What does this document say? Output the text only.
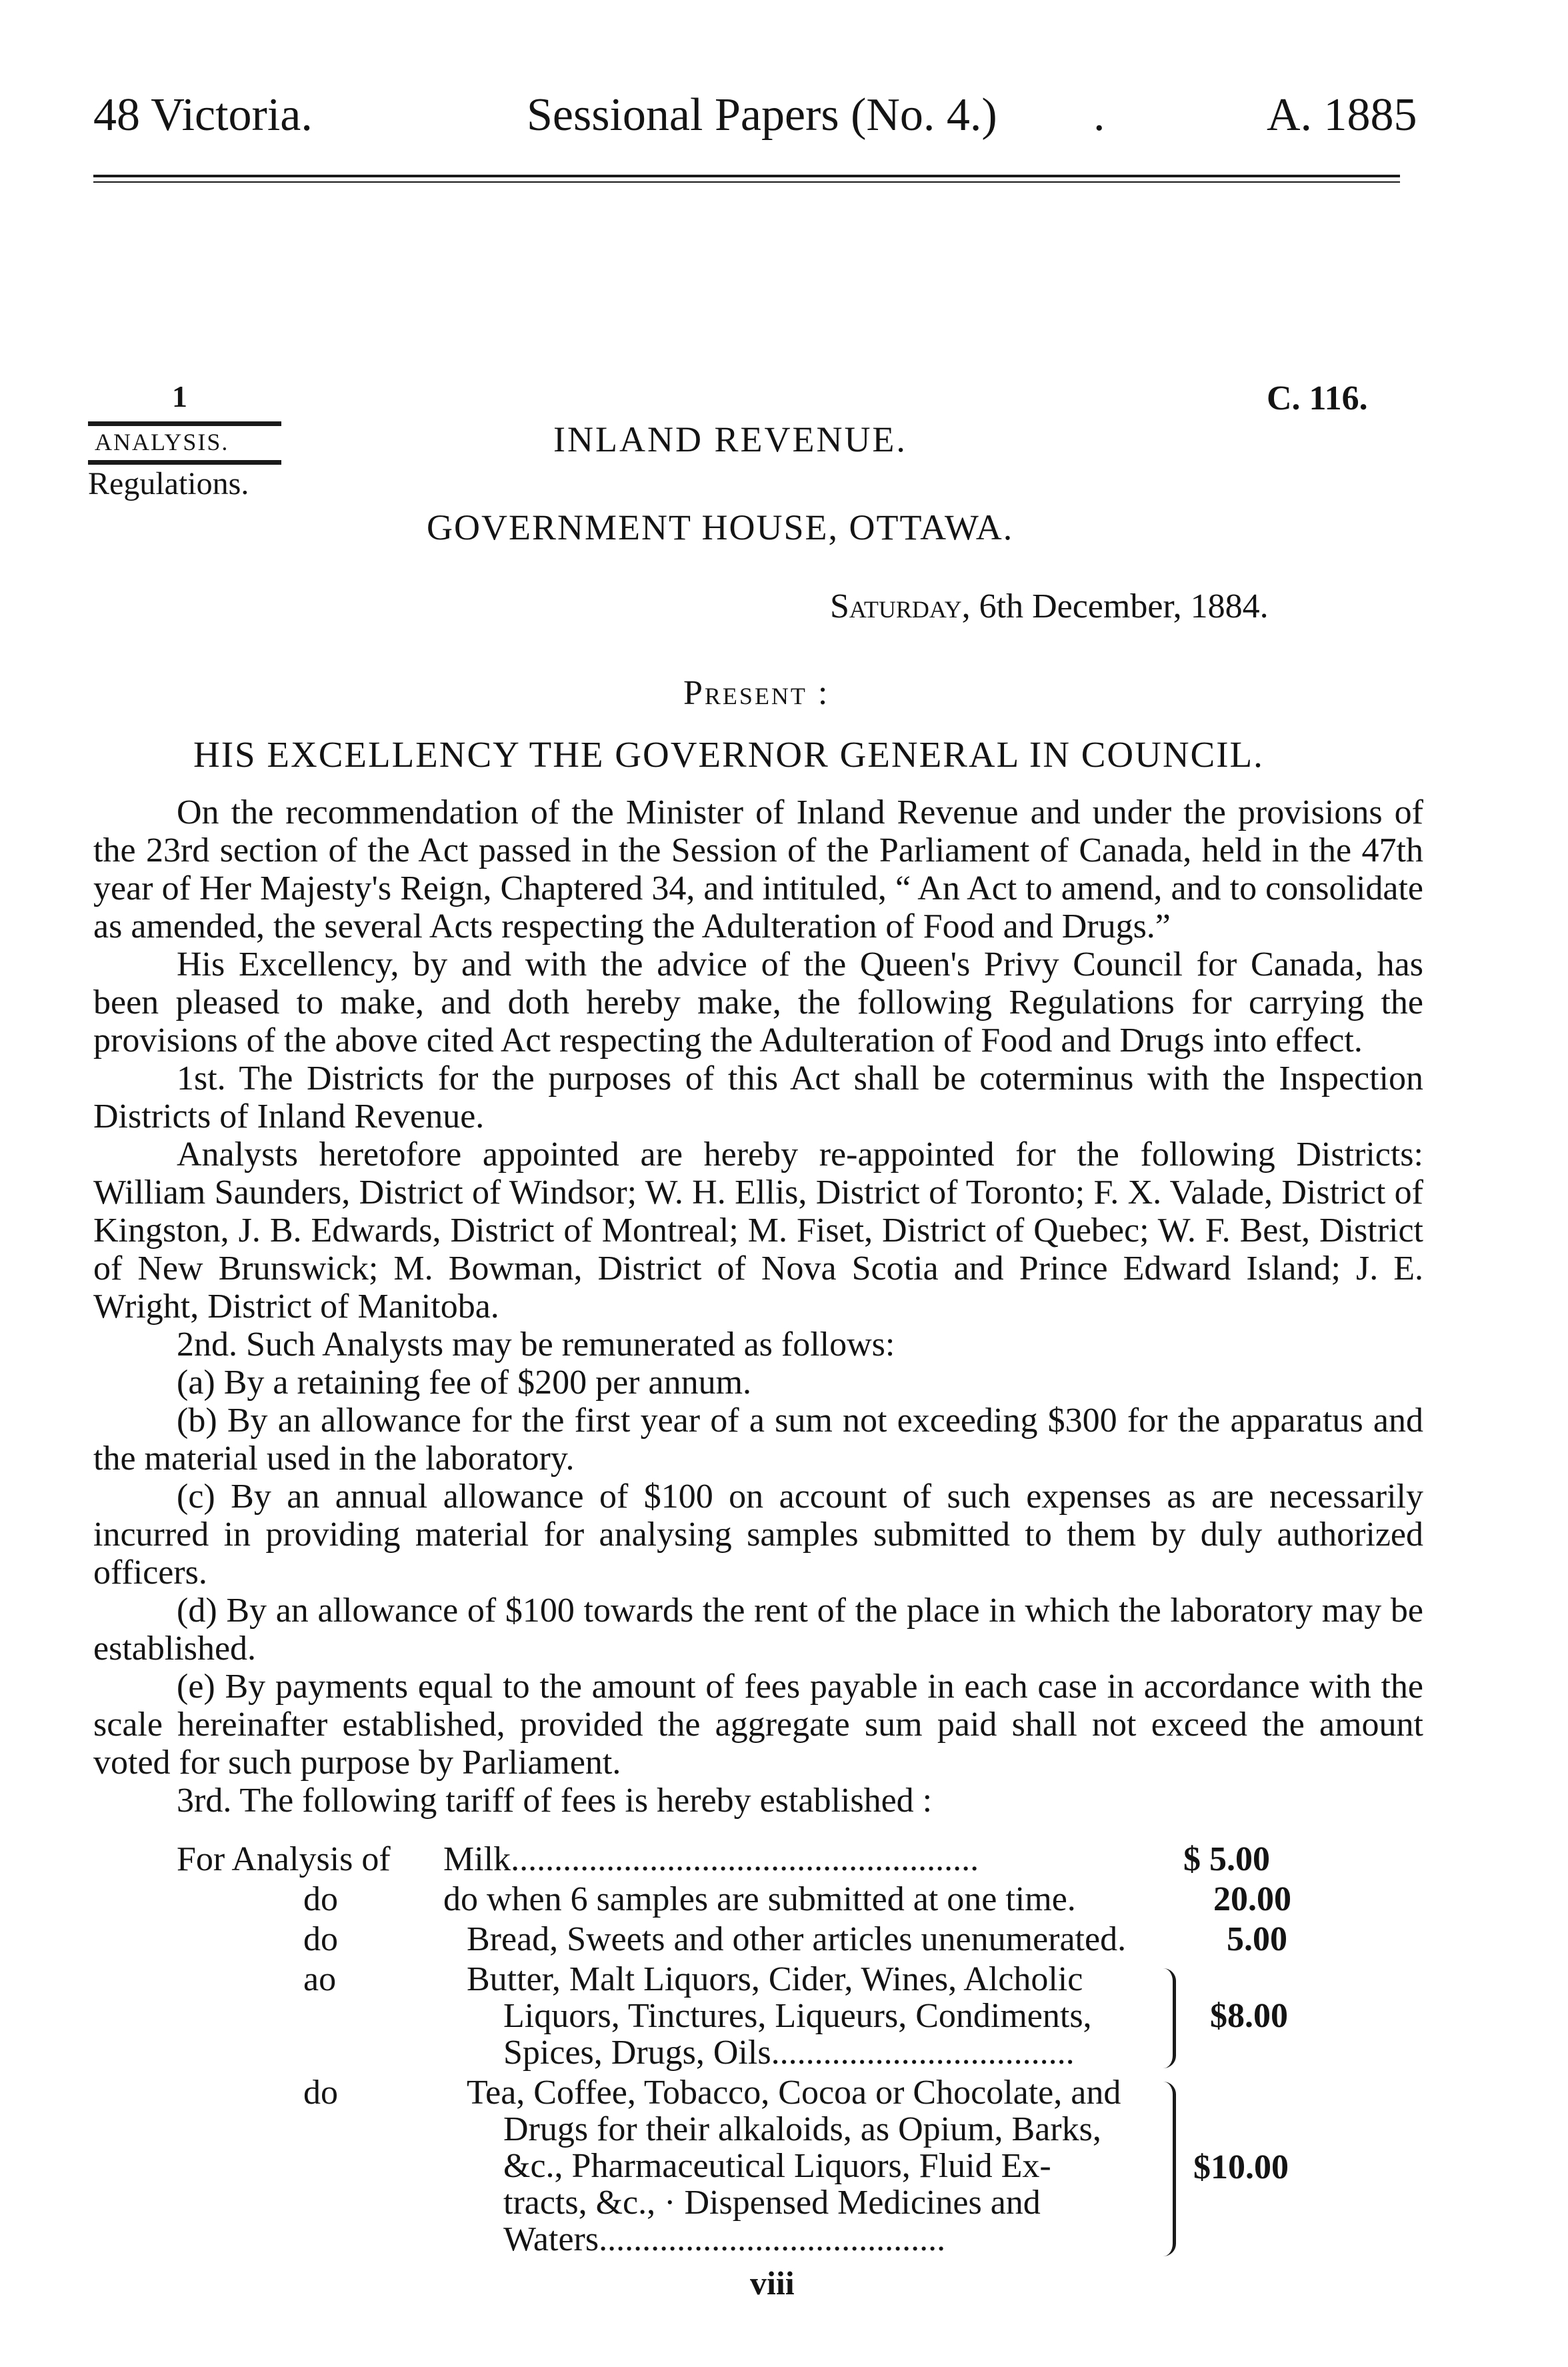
48 Victoria.	Sessional Papers (No. 4.) .	A. 1885
1
ANALYSIS.
Regulations.
C. 116.
INLAND REVENUE.
GOVERNMENT HOUSE, OTTAWA.
Saturday, 6th December, 1884.
Present :
HIS EXCELLENCY THE GOVERNOR GENERAL IN COUNCIL.

On the recommendation of the Minister of Inland Revenue and under the provisions of the 23rd section of the Act passed in the Session of the Parliament of Canada, held in the 47th year of Her Majesty's Reign, Chaptered 34, and intituled, “ An Act to amend, and to consolidate as amended, the several Acts respecting the Adulteration of Food and Drugs.”

His Excellency, by and with the advice of the Queen's Privy Council for Canada, has been pleased to make, and doth hereby make, the following Regulations for carrying the provisions of the above cited Act respecting the Adulteration of Food and Drugs into effect.

1st. The Districts for the purposes of this Act shall be coterminus with the Inspection Districts of Inland Revenue.

Analysts heretofore appointed are hereby re-appointed for the following Districts: William Saunders, District of Windsor; W. H. Ellis, District of Toronto; F. X. Valade, District of Kingston, J. B. Edwards, District of Montreal; M. Fiset, District of Quebec; W. F. Best, District of New Brunswick; M. Bowman, District of Nova Scotia and Prince Edward Island; J. E. Wright, District of Manitoba.

2nd. Such Analysts may be remunerated as follows:

(a) By a retaining fee of $200 per annum.

(b) By an allowance for the first year of a sum not exceeding $300 for the apparatus and the material used in the laboratory.

(c) By an annual allowance of $100 on account of such expenses as are necessarily incurred in providing material for analysing samples submitted to them by duly authorized officers.

(d) By an allowance of $100 towards the rent of the place in which the laboratory may be established.

(e) By payments equal to the amount of fees payable in each case in accordance with the scale hereinafter established, provided the aggregate sum paid shall not exceed the amount voted for such purpose by Parliament.

3rd. The following tariff of fees is hereby established :

For Analysis of Milk......................................................	$ 5.00
do	do when 6 samples are submitted at one time.	20.00
do	Bread, Sweets and other articles unenumerated.	5.00
ao	Butter, Malt Liquors, Cider, Wines, Alcholic
Liquors, Tinctures, Liqueurs, Condiments,
Spices, Drugs, Oils...................................
$8.00
do	Tea, Coffee, Tobacco, Cocoa or Chocolate, and
Drugs for their alkaloids, as Opium, Barks,
&c., Pharmaceutical Liquors, Fluid Ex-
tracts, &c., · Dispensed Medicines and
Waters........................................
$10.00
viii
